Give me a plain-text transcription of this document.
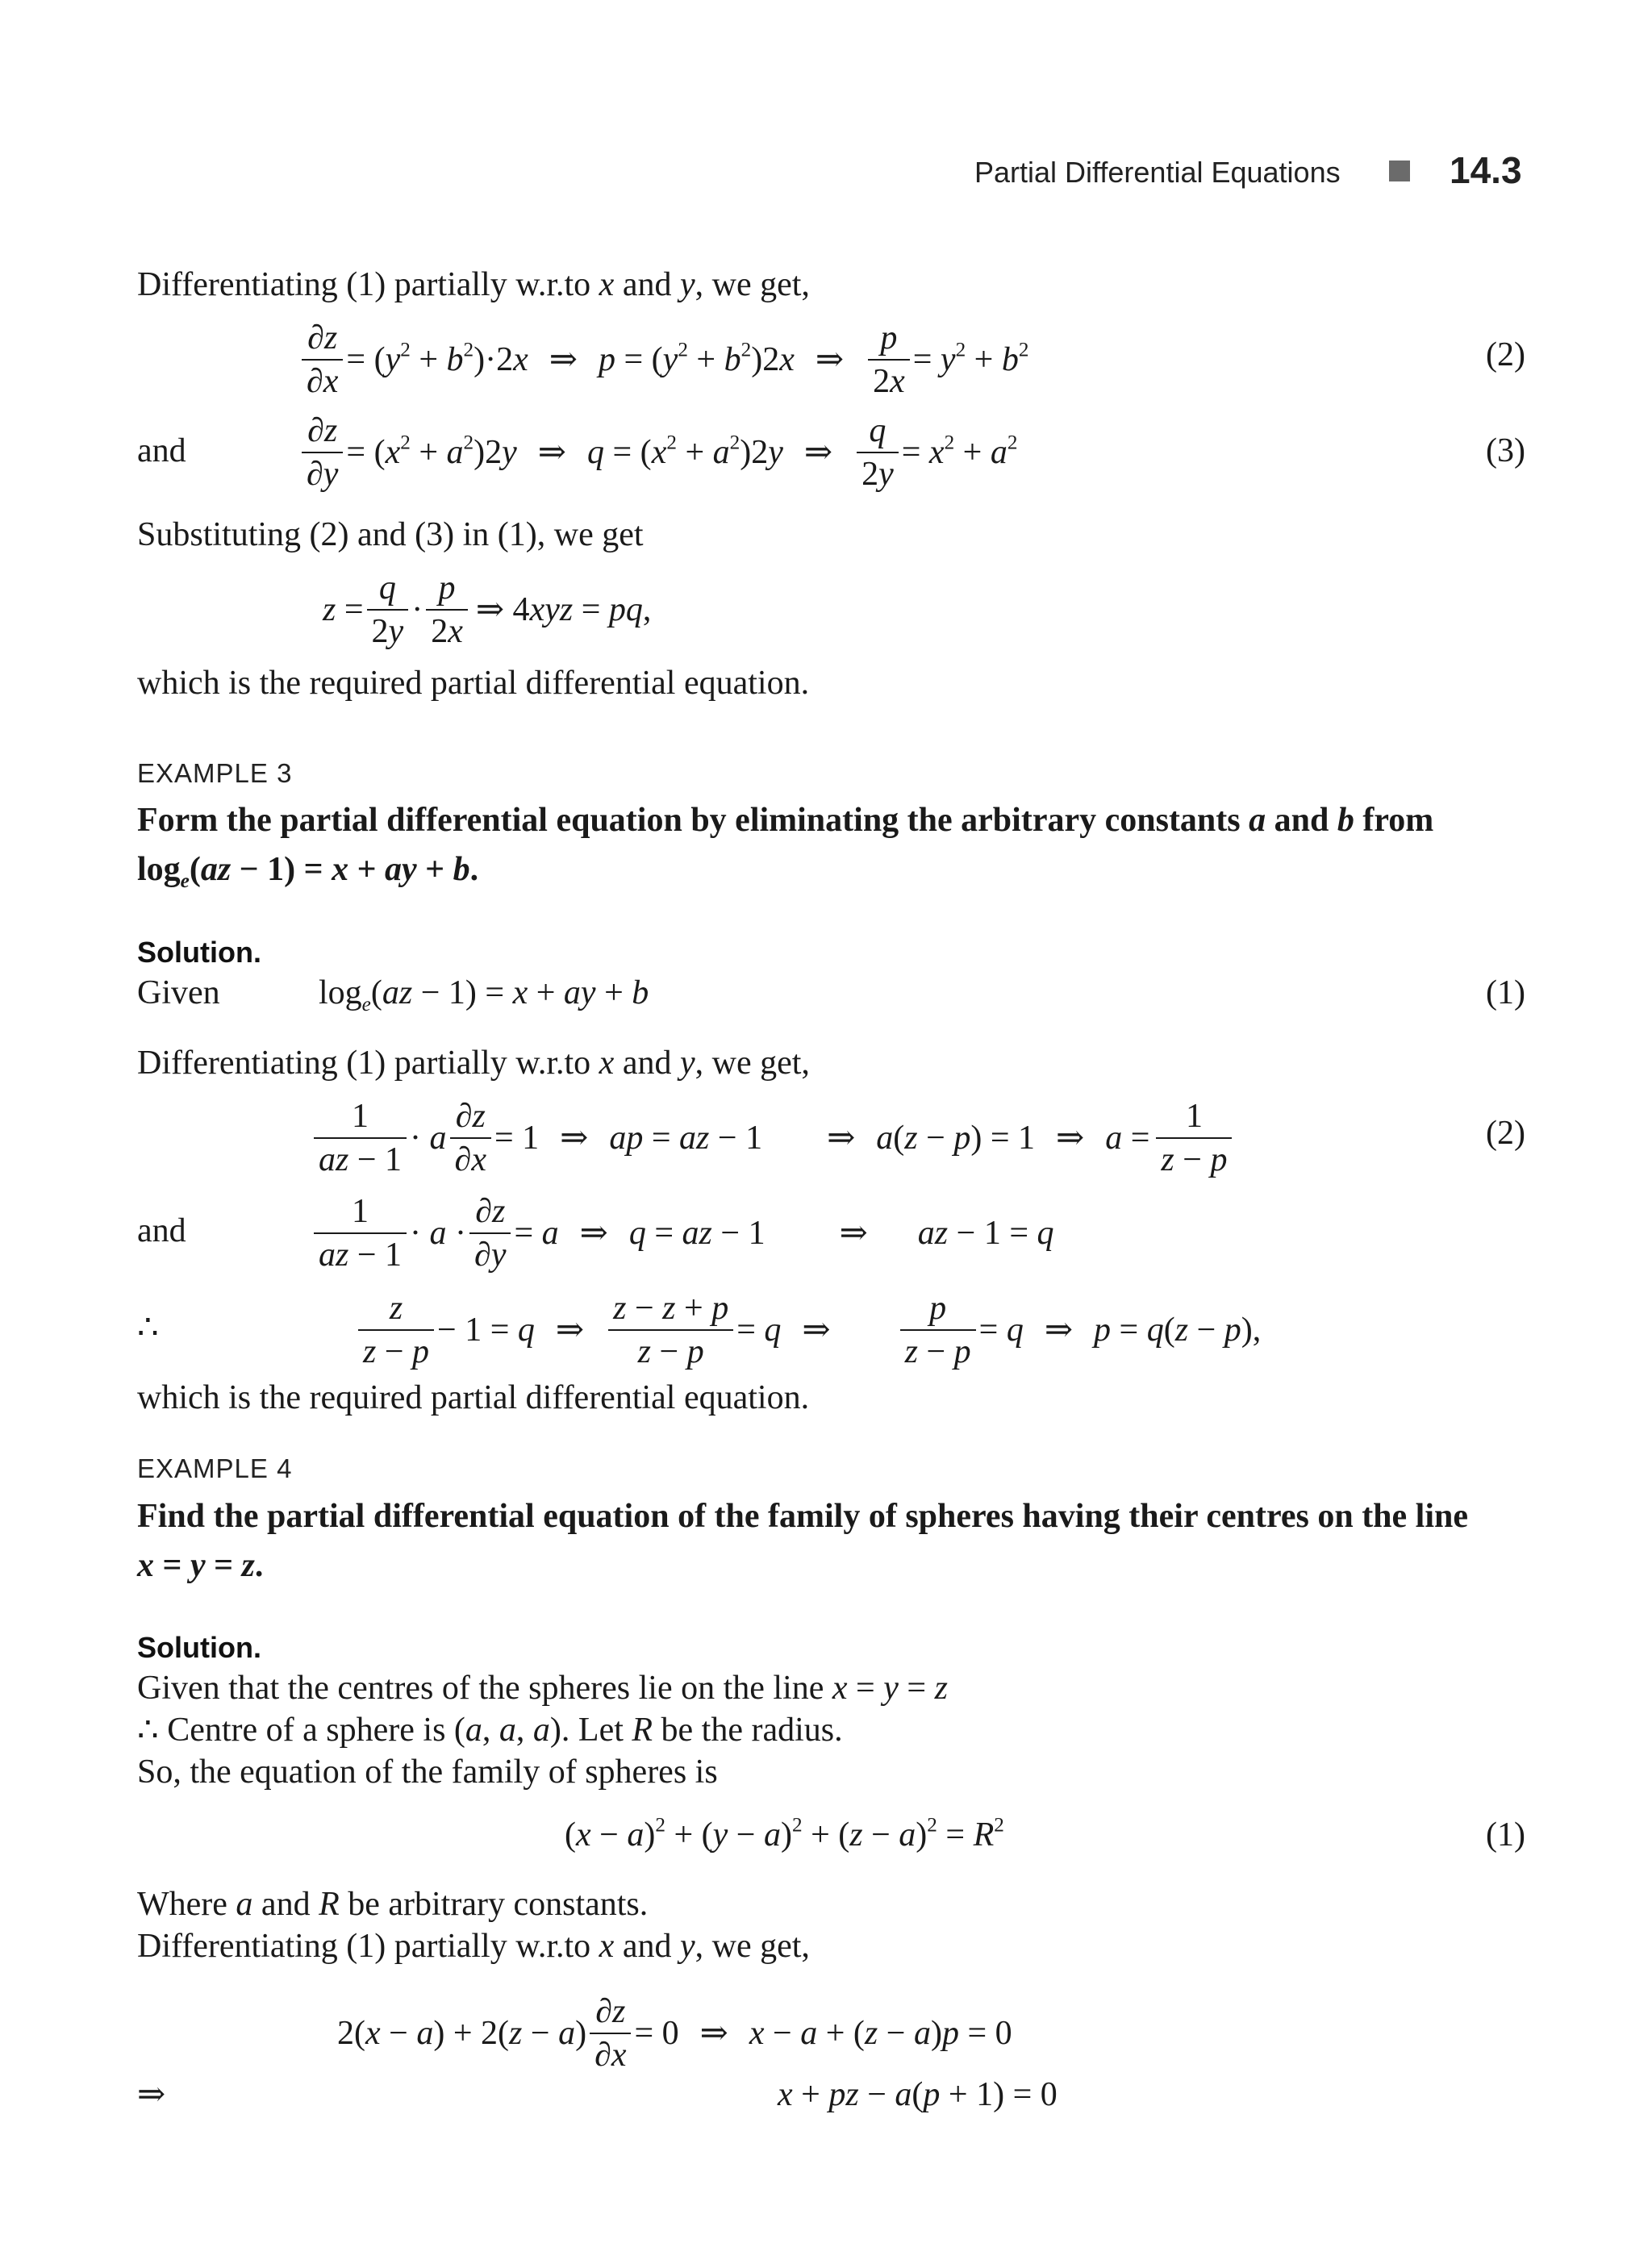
Partial Differential Equations	14.3
Differentiating (1) partially w.r.to x and y, we get,
$\frac{\partial z}{\partial x} = (y^2 + b^2)\cdot 2x$ ⇒ $p = (y^2 + b^2)2x$ ⇒ $\frac{p}{2x} = y^2 + b^2$	(2)
and	$\frac{\partial z}{\partial y} = (x^2 + a^2)2y$ ⇒ $q = (x^2 + a^2)2y$ ⇒ $\frac{q}{2y} = x^2 + a^2$	(3)
Substituting (2) and (3) in (1), we get
$z = \frac{q}{2y} \cdot \frac{p}{2x}$ ⇒ 4xyz = pq,
which is the required partial differential equation.
EXAMPLE 3
Form the partial differential equation by eliminating the arbitrary constants a and b from
$\log_e(az - 1) = x$ + ay + b.
Solution.
Given	$\log_e(az - 1) = x$ + ay + b	(1)
Differentiating (1) partially w.r.to x and y, we get,
$\frac{1}{az - 1} \cdot a \frac{\partial z}{\partial x} = 1$ ⇒ ap = az − 1 ⇒ a(z − p) = 1 ⇒ $a = \frac{1}{z - p}$	(2)
and	$\frac{1}{az - 1} \cdot a \cdot \frac{\partial z}{\partial y} = a$ ⇒ q = az − 1 ⇒ az − 1 = q
∴	$\frac{z}{z - p} - 1 = q$ ⇒ $\frac{z - z + p}{z - p} = q$ ⇒ $\frac{p}{z - p} = q$ ⇒ p = q(z − p),
which is the required partial differential equation.
EXAMPLE 4
Find the partial differential equation of the family of spheres having their centres on the line
x = y = z.
Solution.
Given that the centres of the spheres lie on the line x = y = z
∴ Centre of a sphere is (a, a, a). Let R be the radius.
So, the equation of the family of spheres is
$(x - a)^2 + (y - a)^2 + (z - a)^2 = R^2$	(1)
Where a and R be arbitrary constants.
Differentiating (1) partially w.r.to x and y, we get,
$2(x - a) + 2(z - a) \frac{\partial z}{\partial x} = 0$ ⇒ x − a + (z − a)p = 0
⇒	x + pz − a(p + 1) = 0
